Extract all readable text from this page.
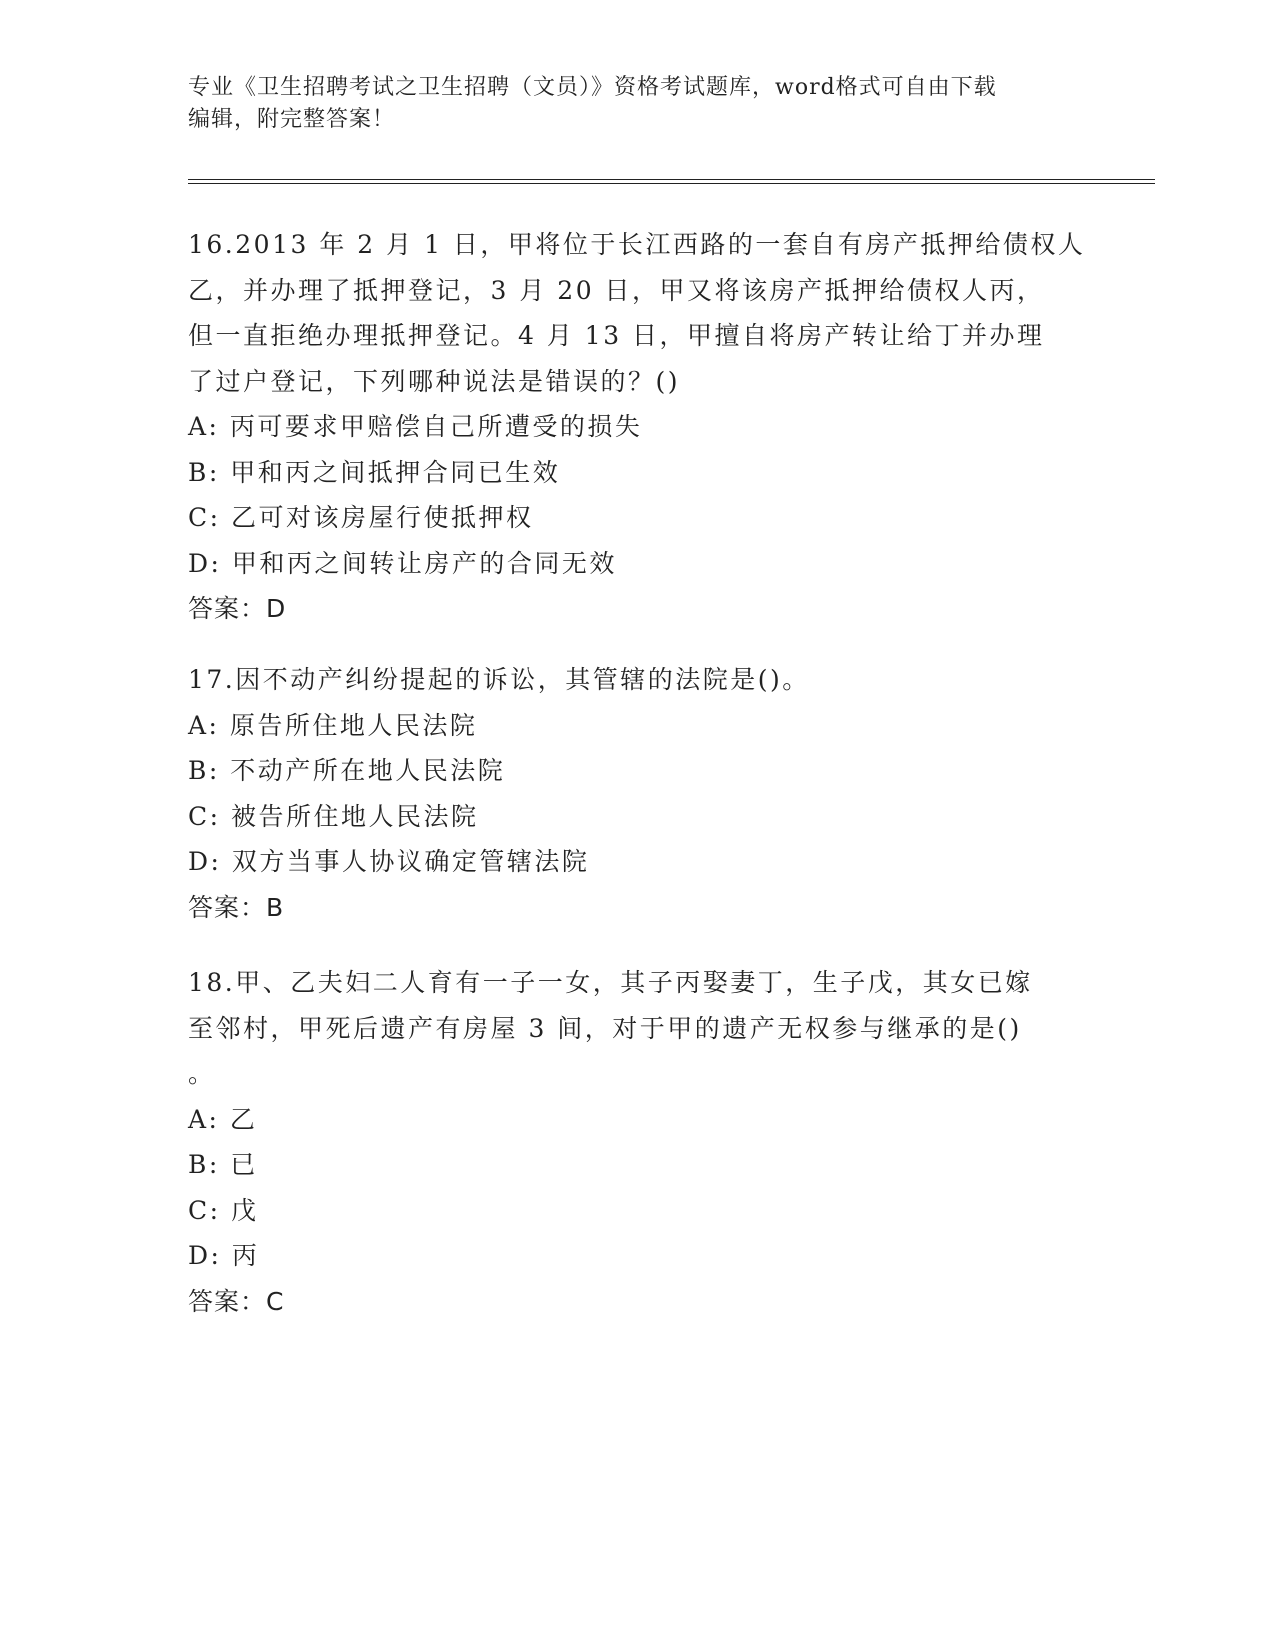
专业《卫生招聘考试之卫生招聘（文员）》资格考试题库，word格式可自由下载
编辑，附完整答案！

16.2013 年 2 月 1 日，甲将位于长江西路的一套自有房产抵押给债权人
乙，并办理了抵押登记，3 月 20 日，甲又将该房产抵押给债权人丙，
但一直拒绝办理抵押登记。4 月 13 日，甲擅自将房产转让给丁并办理
了过户登记，下列哪种说法是错误的？()

A: 丙可要求甲赔偿自己所遭受的损失

B: 甲和丙之间抵押合同已生效

C: 乙可对该房屋行使抵押权

D: 甲和丙之间转让房产的合同无效

答案：D

17.因不动产纠纷提起的诉讼，其管辖的法院是()。

A: 原告所住地人民法院

B: 不动产所在地人民法院

C: 被告所住地人民法院

D: 双方当事人协议确定管辖法院

答案：B

18.甲、乙夫妇二人育有一子一女，其子丙娶妻丁，生子戊，其女已嫁
至邻村，甲死后遗产有房屋 3 间，对于甲的遗产无权参与继承的是()
。

A: 乙

B: 已

C: 戊

D: 丙

答案：C
